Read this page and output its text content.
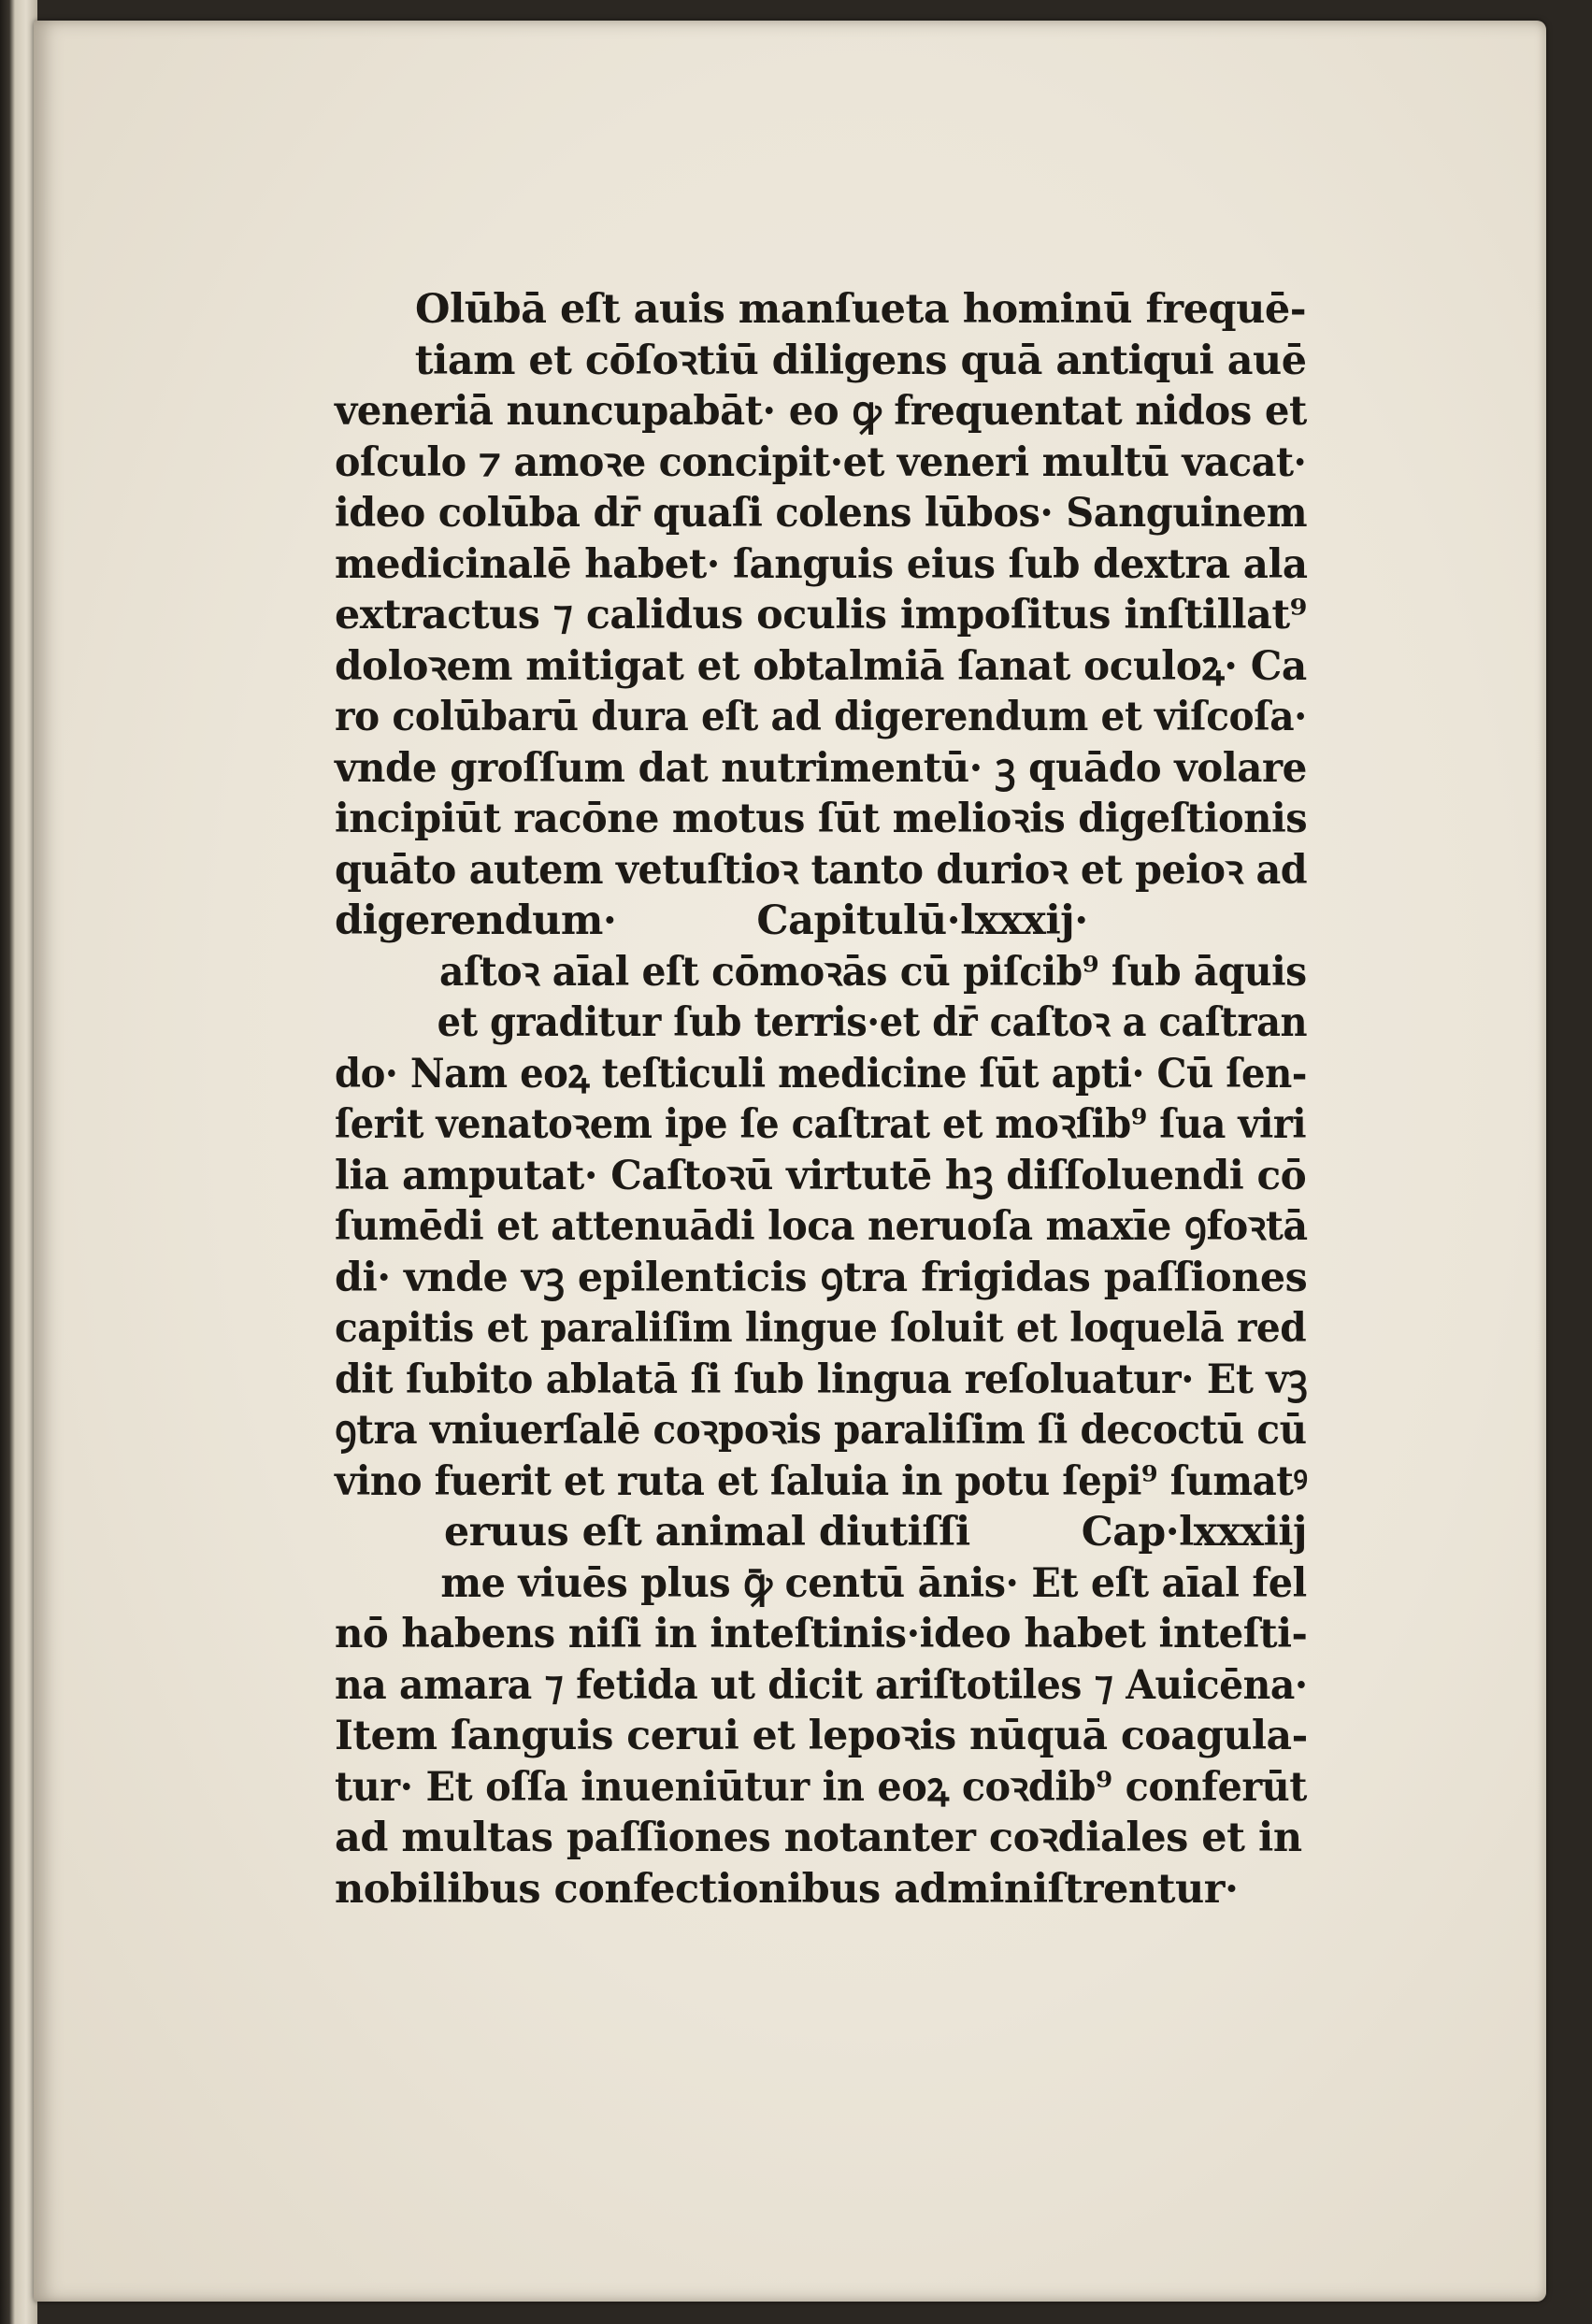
Olūbā eſt auis manſueta hominū frequē-
tiam et cōſoꝛtiū diligens quā antiqui auē
veneriā nuncupabāt· eo ꝙ frequentat nidos et
oſculo ⁊ amoꝛe concipit·et veneri multū vacat·
ideo colūba dr̄ quaſi colens lūbos· Sanguinem
medicinalē habet· ſanguis eius ſub dextra ala
extractus ⁊ calidus oculis impoſitus inſtillat⁹
doloꝛem mitigat et obtalmiā ſanat oculoꝝ· Ca
ro colūbarū dura eſt ad digerendum et viſcoſa·
vnde groſſum dat nutrimentū· ꝫ quādo volare
incipiūt racōne motus ſūt melioꝛis digeſtionis
quāto autem vetuſtioꝛ tanto durioꝛ et peioꝛ ad
digerendum·	Capitulū·lxxxij·
aſtoꝛ aīal eſt cōmoꝛās cū piſcib⁹ ſub āquis
et graditur ſub terris·et dr̄ caſtoꝛ a caſtran
do· Nam eoꝝ teſticuli medicine ſūt apti· Cū ſen-
ſerit venatoꝛem ipe ſe caſtrat et moꝛſib⁹ ſua viri
lia amputat· Caſtoꝛū virtutē hꝫ diſſoluendi cō
ſumēdi et attenuādi loca neruoſa maxīe ꝯfoꝛtā
di· vnde vꝫ epilenticis ꝯtra frigidas paſſiones
capitis et paraliſim lingue ſoluit et loquelā red
dit ſubito ablatā ſi ſub lingua reſoluatur· Et vꝫ
ꝯtra vniuerſalē coꝛpoꝛis paraliſim ſi decoctū cū
vino fuerit et ruta et ſaluia in potu ſepi⁹ ſumatꝰ
eruus eſt animal diutiſſi	Cap·lxxxiij
me viuēs plus ꝙ̄ centū ānis· Et eſt aīal fel
nō habens niſi in inteſtinis·ideo habet inteſti-
na amara ⁊ fetida ut dicit ariſtotiles ⁊ Auicēna·
Item ſanguis cerui et lepoꝛis nūquā coagula-
tur· Et oſſa inueniūtur in eoꝝ coꝛdib⁹ conferūt
ad multas paſſiones notanter coꝛdiales et in
nobilibus confectionibus adminiſtrentur·
